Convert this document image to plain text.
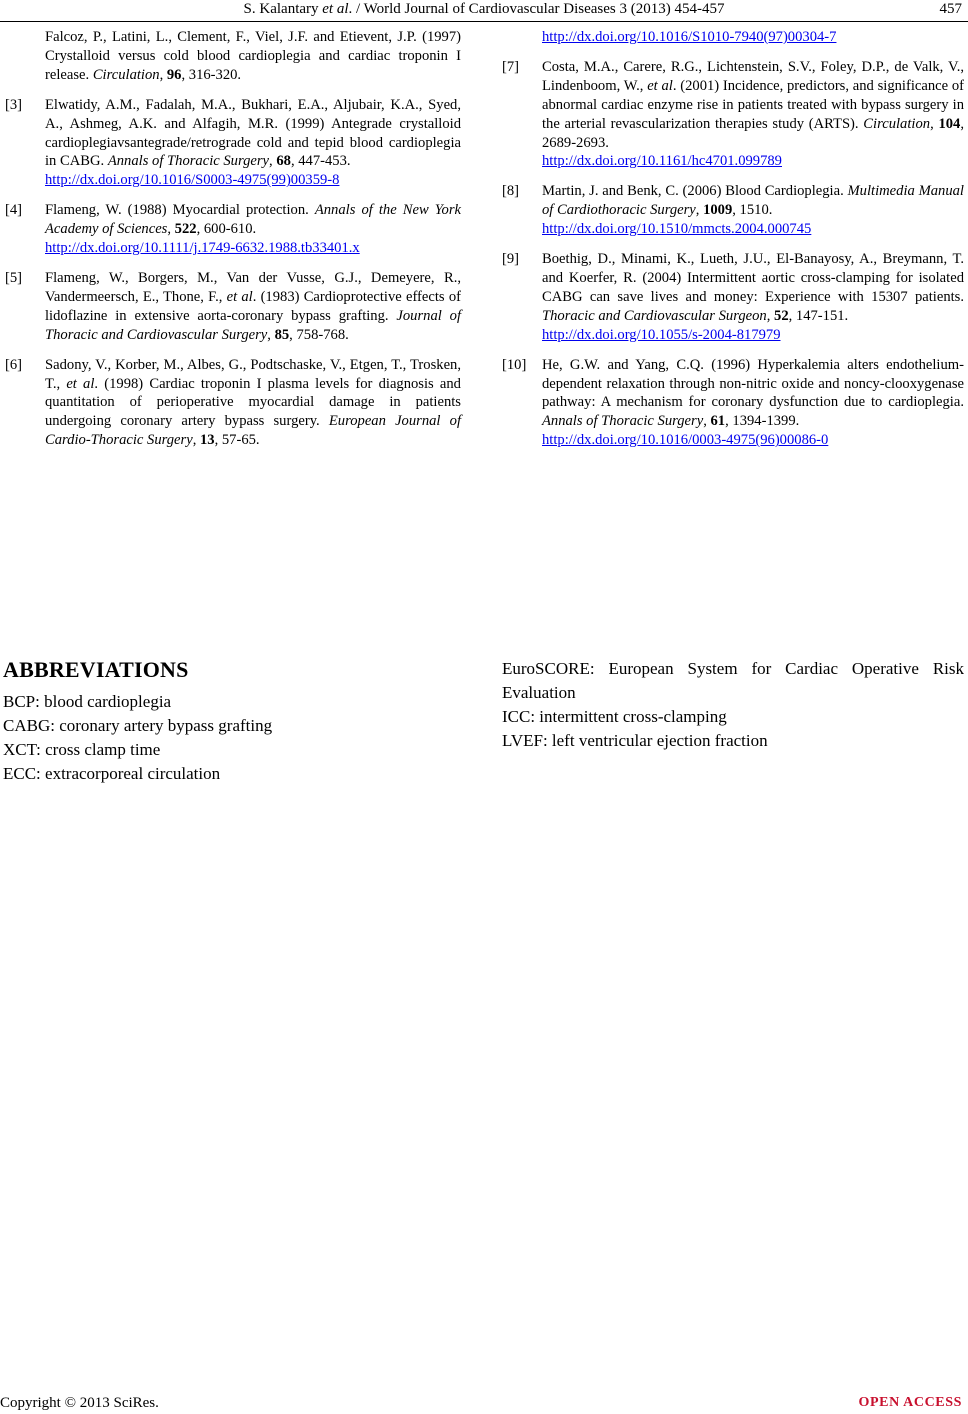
S. Kalantary et al. / World Journal of Cardiovascular Diseases 3 (2013) 454-457	457
Falcoz, P., Latini, L., Clement, F., Viel, J.F. and Etievent, J.P. (1997) Crystalloid versus cold blood cardioplegia and cardiac troponin I release. Circulation, 96, 316-320.
[3] Elwatidy, A.M., Fadalah, M.A., Bukhari, E.A., Aljubair, K.A., Syed, A., Ashmeg, A.K. and Alfagih, M.R. (1999) Antegrade crystalloid cardioplegiavsantegrade/retrograde cold and tepid blood cardioplegia in CABG. Annals of Thoracic Surgery, 68, 447-453.
http://dx.doi.org/10.1016/S0003-4975(99)00359-8
[4] Flameng, W. (1988) Myocardial protection. Annals of the New York Academy of Sciences, 522, 600-610.
http://dx.doi.org/10.1111/j.1749-6632.1988.tb33401.x
[5] Flameng, W., Borgers, M., Van der Vusse, G.J., Demeyere, R., Vandermeersch, E., Thone, F., et al. (1983) Cardioprotective effects of lidoflazine in extensive aorta-coronary bypass grafting. Journal of Thoracic and Cardiovascular Surgery, 85, 758-768.
[6] Sadony, V., Korber, M., Albes, G., Podtschaske, V., Etgen, T., Trosken, T., et al. (1998) Cardiac troponin I plasma levels for diagnosis and quantitation of perioperative myocardial damage in patients undergoing coronary artery bypass surgery. European Journal of Cardio-Thoracic Surgery, 13, 57-65.
http://dx.doi.org/10.1016/S1010-7940(97)00304-7
[7] Costa, M.A., Carere, R.G., Lichtenstein, S.V., Foley, D.P., de Valk, V., Lindenboom, W., et al. (2001) Incidence, predictors, and significance of abnormal cardiac enzyme rise in patients treated with bypass surgery in the arterial revascularization therapies study (ARTS). Circulation, 104, 2689-2693.
http://dx.doi.org/10.1161/hc4701.099789
[8] Martin, J. and Benk, C. (2006) Blood Cardioplegia. Multimedia Manual of Cardiothoracic Surgery, 1009, 1510.
http://dx.doi.org/10.1510/mmcts.2004.000745
[9] Boethig, D., Minami, K., Lueth, J.U., El-Banayosy, A., Breymann, T. and Koerfer, R. (2004) Intermittent aortic cross-clamping for isolated CABG can save lives and money: Experience with 15307 patients. Thoracic and Cardiovascular Surgeon, 52, 147-151.
http://dx.doi.org/10.1055/s-2004-817979
[10] He, G.W. and Yang, C.Q. (1996) Hyperkalemia alters endothelium-dependent relaxation through non-nitric oxide and noncy-clooxygenase pathway: A mechanism for coronary dysfunction due to cardioplegia. Annals of Thoracic Surgery, 61, 1394-1399.
http://dx.doi.org/10.1016/0003-4975(96)00086-0
ABBREVIATIONS
BCP: blood cardioplegia
CABG: coronary artery bypass grafting
XCT: cross clamp time
ECC: extracorporeal circulation
EuroSCORE: European System for Cardiac Operative Risk Evaluation
ICC: intermittent cross-clamping
LVEF: left ventricular ejection fraction
Copyright © 2013 SciRes.	OPEN ACCESS
